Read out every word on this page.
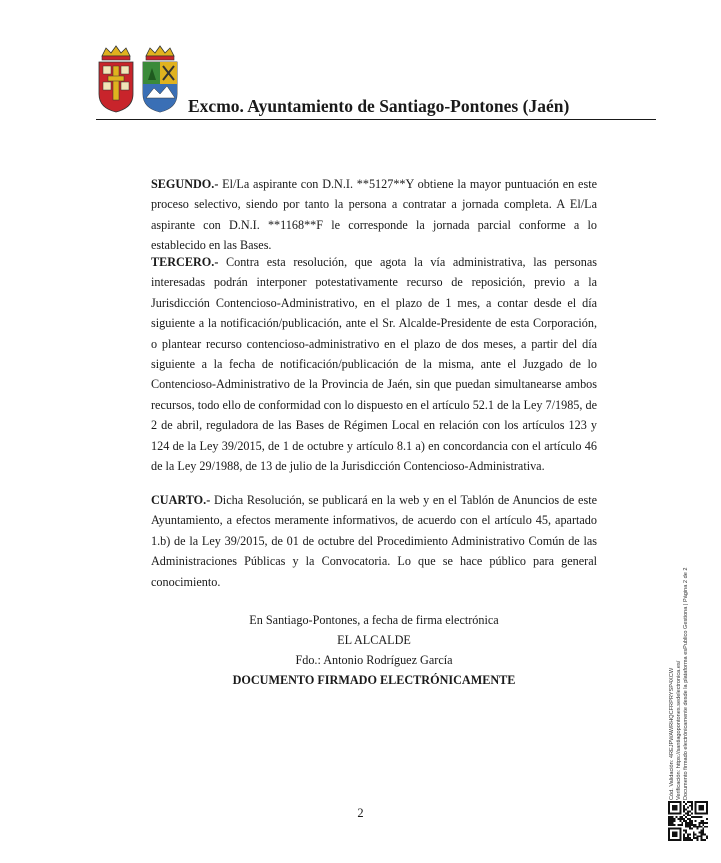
Excmo. Ayuntamiento de Santiago-Pontones (Jaén)
SEGUNDO.- El/La aspirante con D.N.I. **5127**Y obtiene la mayor puntuación en este proceso selectivo, siendo por tanto la persona a contratar a jornada completa. A El/La aspirante con D.N.I. **1168**F le corresponde la jornada parcial conforme a lo establecido en las Bases.
TERCERO.- Contra esta resolución, que agota la vía administrativa, las personas interesadas podrán interponer potestativamente recurso de reposición, previo a la Jurisdicción Contencioso-Administrativo, en el plazo de 1 mes, a contar desde el día siguiente a la notificación/publicación, ante el Sr. Alcalde-Presidente de esta Corporación, o plantear recurso contencioso-administrativo en el plazo de dos meses, a partir del día siguiente a la fecha de notificación/publicación de la misma, ante el Juzgado de lo Contencioso-Administrativo de la Provincia de Jaén, sin que puedan simultanearse ambos recursos, todo ello de conformidad con lo dispuesto en el artículo 52.1 de la Ley 7/1985, de 2 de abril, reguladora de las Bases de Régimen Local en relación con los artículos 123 y 124 de la Ley 39/2015, de 1 de octubre y artículo 8.1 a) en concordancia con el artículo 46 de la Ley 29/1988, de 13 de julio de la Jurisdicción Contencioso-Administrativa.
CUARTO.- Dicha Resolución, se publicará en la web y en el Tablón de Anuncios de este Ayuntamiento, a efectos meramente informativos, de acuerdo con el artículo 45, apartado 1.b) de la Ley 39/2015, de 01 de octubre del Procedimiento Administrativo Común de las Administraciones Públicas y la Convocatoria. Lo que se hace público para general conocimiento.
En Santiago-Pontones, a fecha de firma electrónica
EL ALCALDE
Fdo.: Antonio Rodríguez García
DOCUMENTO FIRMADO ELECTRÓNICAMENTE
2
Cód. Validación: 4REJPWAWRHQCFRPRYSP4XCW Verificación: https://santiagopontones.sedelectronica.es/ Documento firmado electrónicamente desde la plataforma esPublico Gestiona | Página 2 de 2
